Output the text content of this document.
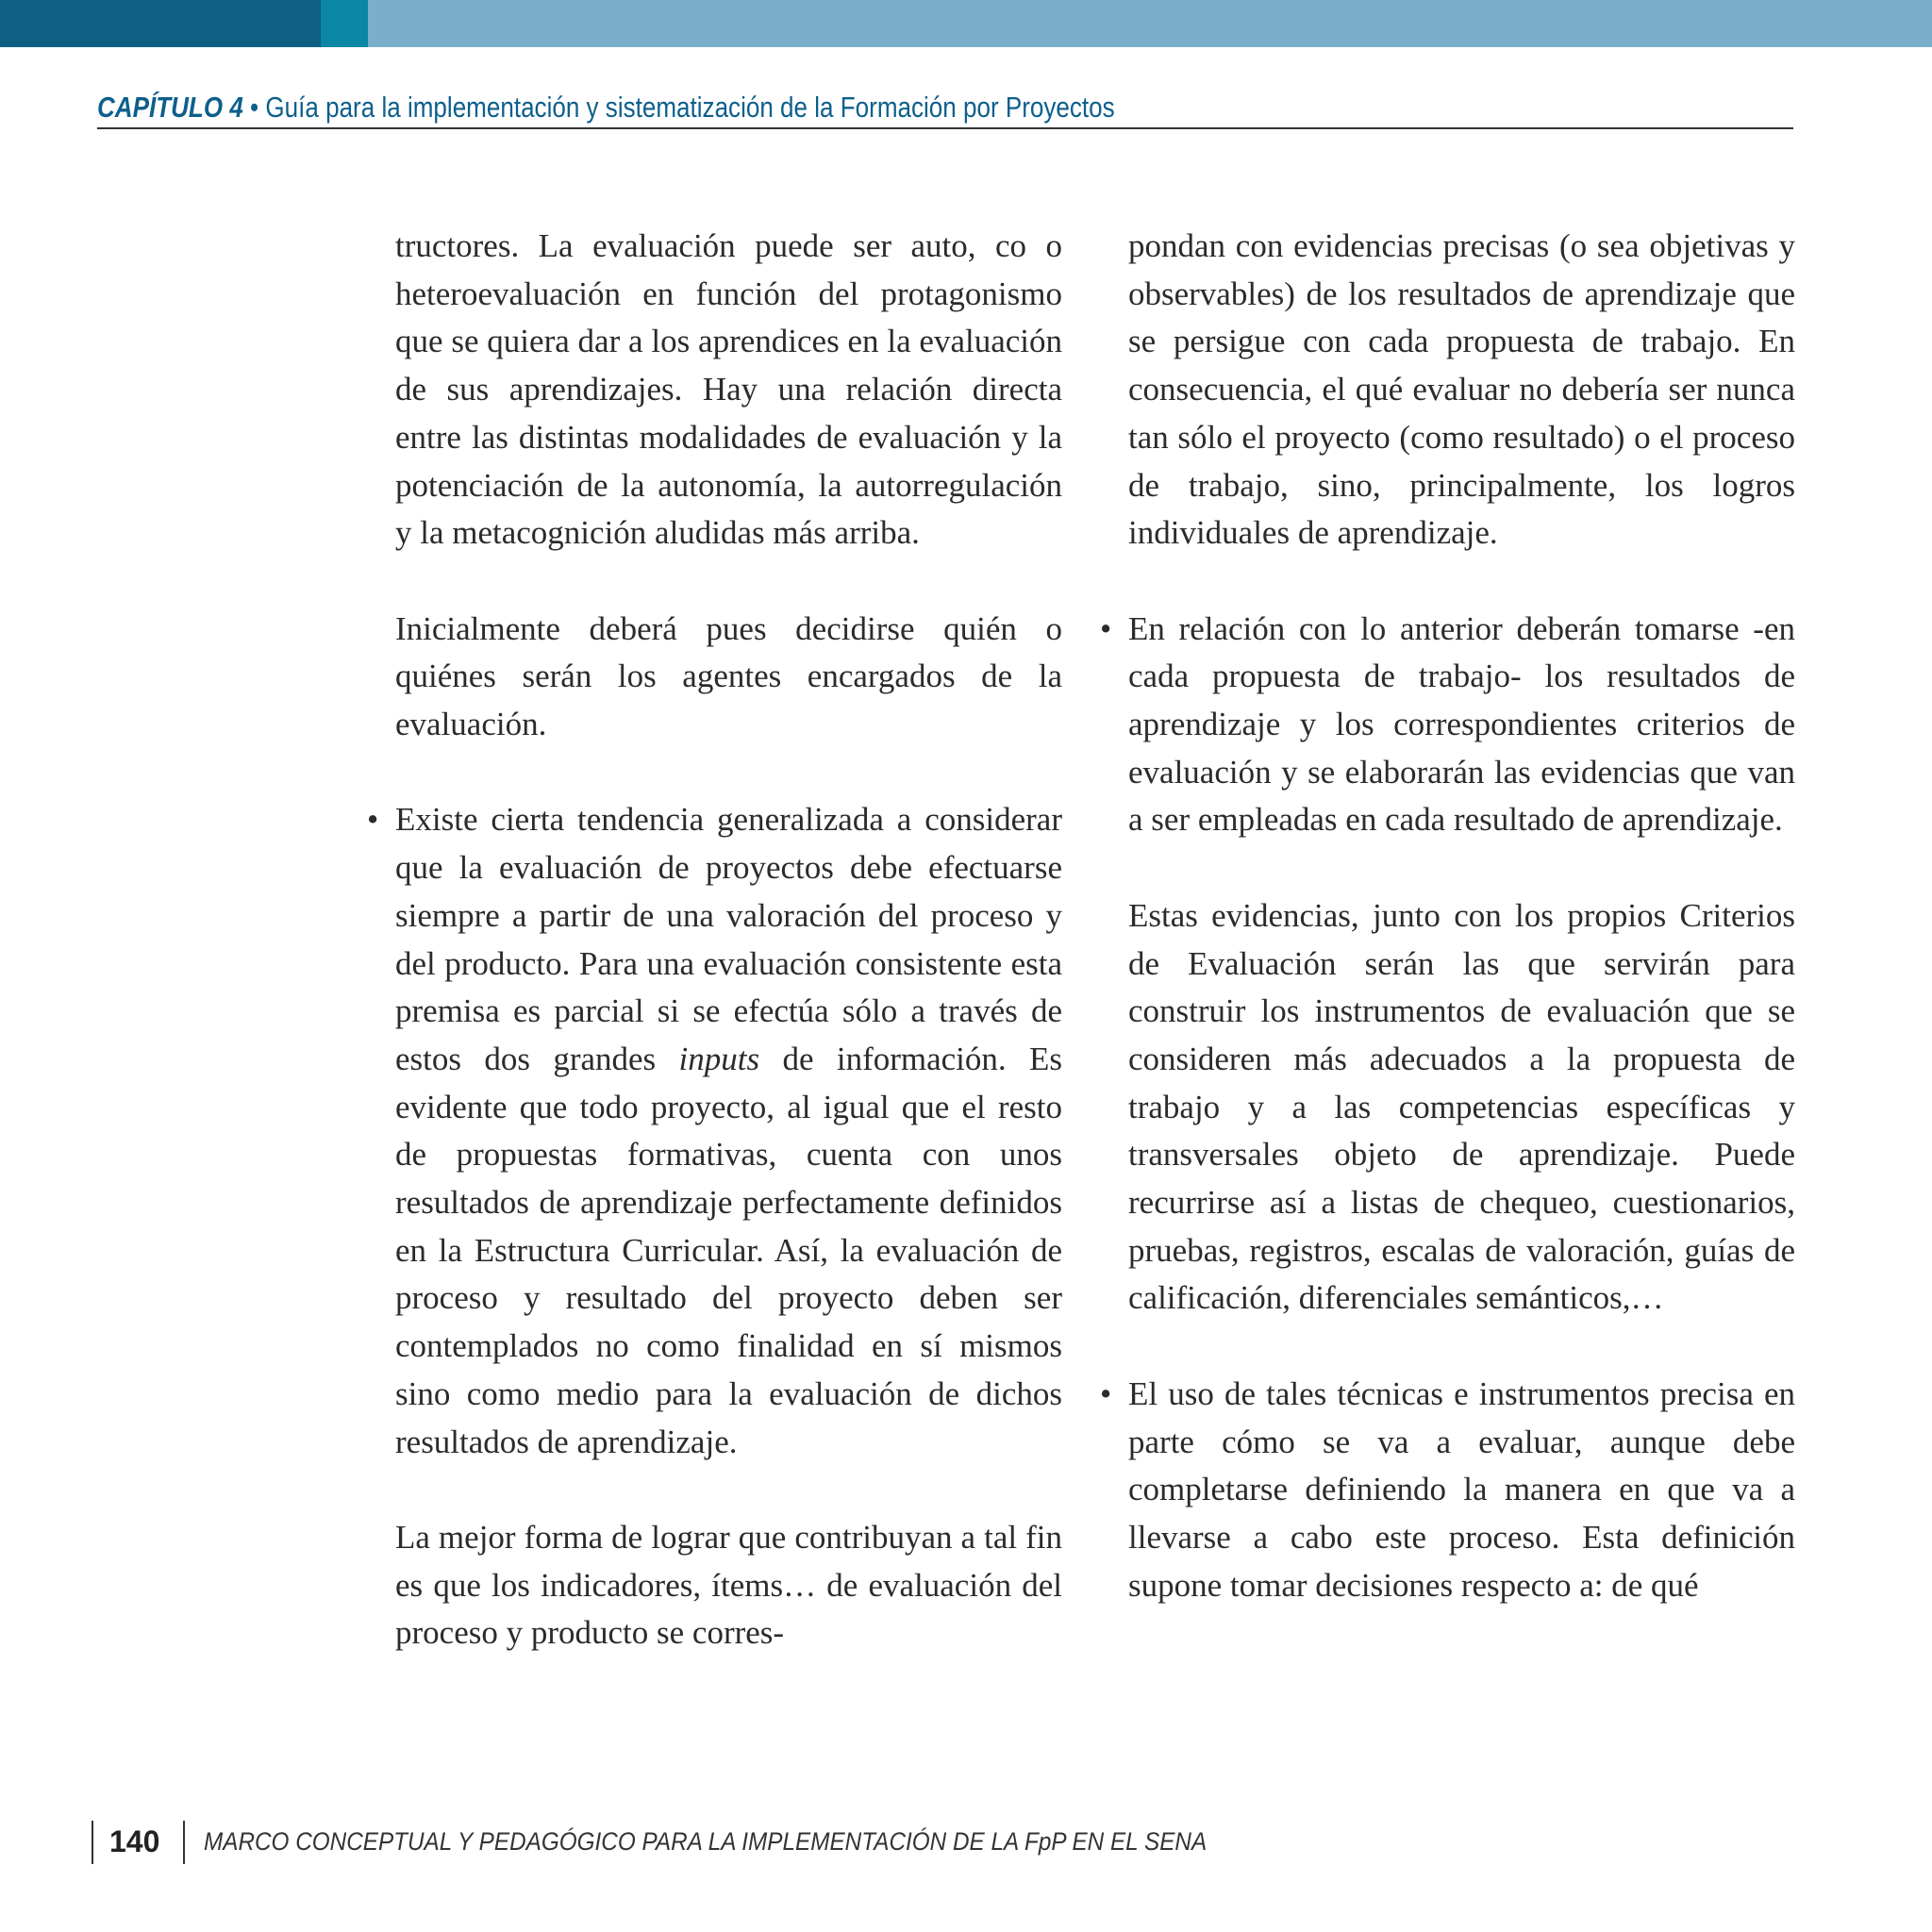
CAPÍTULO 4 • Guía para la implementación y sistematización de la Formación por Proyectos

tructores. La evaluación puede ser auto, co o heteroevaluación en función del protagonismo que se quiera dar a los aprendices en la evaluación de sus aprendizajes. Hay una relación directa entre las distintas modalidades de evaluación y la potenciación de la autonomía, la autorregulación y la metacognición aludidas más arriba.

Inicialmente deberá pues decidirse quién o quiénes serán los agentes encargados de la evaluación.

• Existe cierta tendencia generalizada a considerar que la evaluación de proyectos debe efectuarse siempre a partir de una valoración del proceso y del producto. Para una evaluación consistente esta premisa es parcial si se efectúa sólo a través de estos dos grandes inputs de información. Es evidente que todo proyecto, al igual que el resto de propuestas formativas, cuenta con unos resultados de aprendizaje perfectamente definidos en la Estructura Curricular. Así, la evaluación de proceso y resultado del proyecto deben ser contemplados no como finalidad en sí mismos sino como medio para la evaluación de dichos resultados de aprendizaje.

La mejor forma de lograr que contribuyan a tal fin es que los indicadores, ítems… de evaluación del proceso y producto se corres-

pondan con evidencias precisas (o sea objetivas y observables) de los resultados de aprendizaje que se persigue con cada propuesta de trabajo. En consecuencia, el qué evaluar no debería ser nunca tan sólo el proyecto (como resultado) o el proceso de trabajo, sino, principalmente, los logros individuales de aprendizaje.

• En relación con lo anterior deberán tomarse -en cada propuesta de trabajo- los resultados de aprendizaje y los correspondientes criterios de evaluación y se elaborarán las evidencias que van a ser empleadas en cada resultado de aprendizaje.

Estas evidencias, junto con los propios Criterios de Evaluación serán las que servirán para construir los instrumentos de evaluación que se consideren más adecuados a la propuesta de trabajo y a las competencias específicas y transversales objeto de aprendizaje. Puede recurrirse así a listas de chequeo, cuestionarios, pruebas, registros, escalas de valoración, guías de calificación, diferenciales semánticos,…

• El uso de tales técnicas e instrumentos precisa en parte cómo se va a evaluar, aunque debe completarse definiendo la manera en que va a llevarse a cabo este proceso. Esta definición supone tomar decisiones respecto a: de qué

140 MARCO CONCEPTUAL Y PEDAGÓGICO PARA LA IMPLEMENTACIÓN DE LA FpP EN EL SENA
